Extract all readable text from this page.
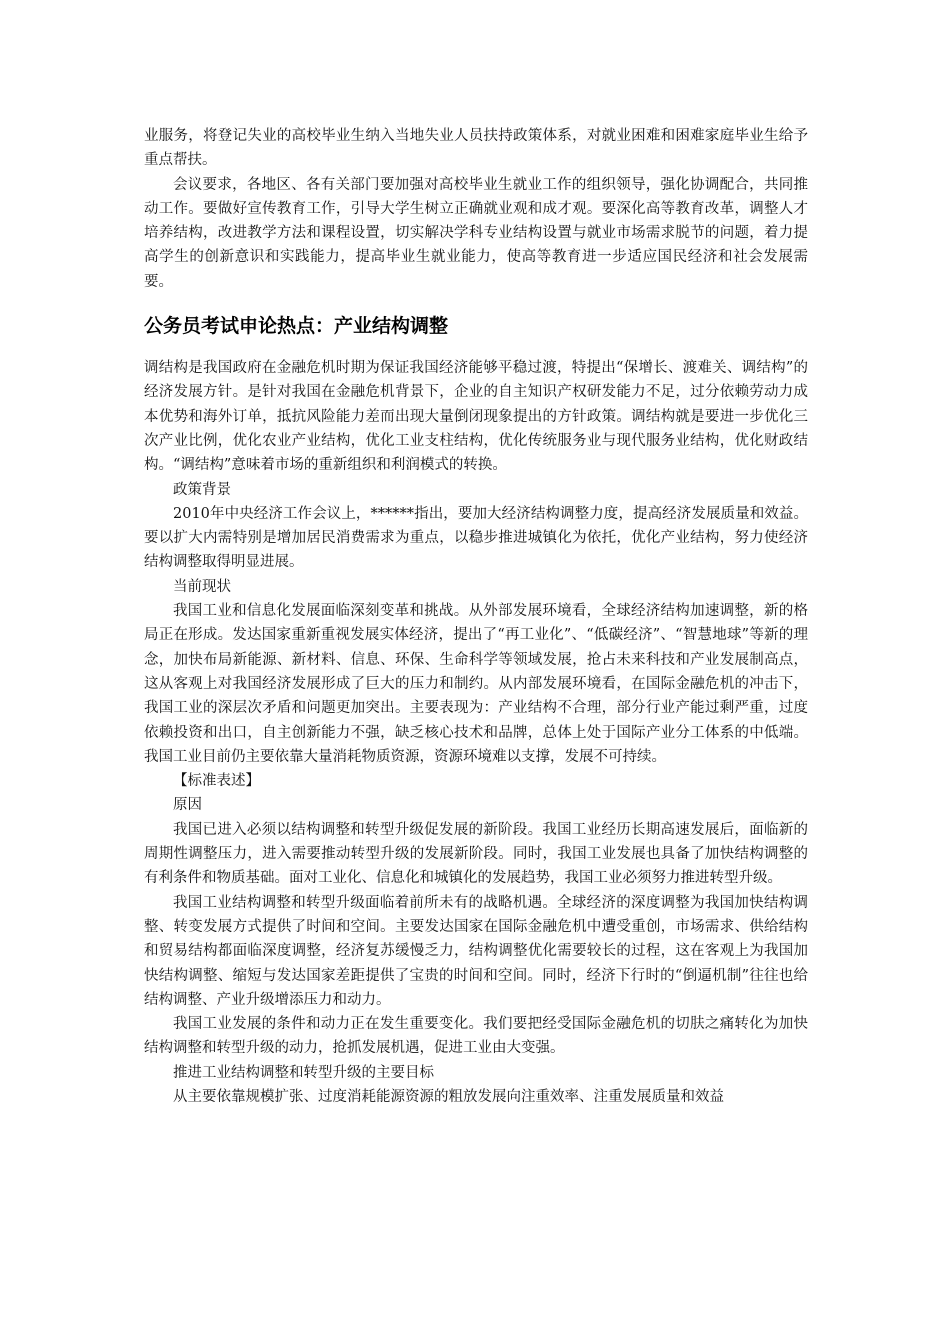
业服务，将登记失业的高校毕业生纳入当地失业人员扶持政策体系，对就业困难和困难家庭毕业生给予重点帮扶。

会议要求，各地区、各有关部门要加强对高校毕业生就业工作的组织领导，强化协调配合，共同推动工作。要做好宣传教育工作，引导大学生树立正确就业观和成才观。要深化高等教育改革，调整人才培养结构，改进教学方法和课程设置，切实解决学科专业结构设置与就业市场需求脱节的问题，着力提高学生的创新意识和实践能力，提高毕业生就业能力，使高等教育进一步适应国民经济和社会发展需要。

公务员考试申论热点：产业结构调整

调结构是我国政府在金融危机时期为保证我国经济能够平稳过渡，特提出“保增长、渡难关、调结构”的经济发展方针。是针对我国在金融危机背景下，企业的自主知识产权研发能力不足，过分依赖劳动力成本优势和海外订单，抵抗风险能力差而出现大量倒闭现象提出的方针政策。调结构就是要进一步优化三次产业比例，优化农业产业结构，优化工业支柱结构，优化传统服务业与现代服务业结构，优化财政结构。“调结构”意味着市场的重新组织和利润模式的转换。

政策背景

2010年中央经济工作会议上，******指出，要加大经济结构调整力度，提高经济发展质量和效益。要以扩大内需特别是增加居民消费需求为重点，以稳步推进城镇化为依托，优化产业结构，努力使经济结构调整取得明显进展。

当前现状

我国工业和信息化发展面临深刻变革和挑战。从外部发展环境看，全球经济结构加速调整，新的格局正在形成。发达国家重新重视发展实体经济，提出了“再工业化”、“低碳经济”、“智慧地球”等新的理念，加快布局新能源、新材料、信息、环保、生命科学等领域发展，抢占未来科技和产业发展制高点，这从客观上对我国经济发展形成了巨大的压力和制约。从内部发展环境看，在国际金融危机的冲击下，我国工业的深层次矛盾和问题更加突出。主要表现为：产业结构不合理，部分行业产能过剩严重，过度依赖投资和出口，自主创新能力不强，缺乏核心技术和品牌，总体上处于国际产业分工体系的中低端。我国工业目前仍主要依靠大量消耗物质资源，资源环境难以支撑，发展不可持续。

【标准表述】

原因

我国已进入必须以结构调整和转型升级促发展的新阶段。我国工业经历长期高速发展后，面临新的周期性调整压力，进入需要推动转型升级的发展新阶段。同时，我国工业发展也具备了加快结构调整的有利条件和物质基础。面对工业化、信息化和城镇化的发展趋势，我国工业必须努力推进转型升级。

我国工业结构调整和转型升级面临着前所未有的战略机遇。全球经济的深度调整为我国加快结构调整、转变发展方式提供了时间和空间。主要发达国家在国际金融危机中遭受重创，市场需求、供给结构和贸易结构都面临深度调整，经济复苏缓慢乏力，结构调整优化需要较长的过程，这在客观上为我国加快结构调整、缩短与发达国家差距提供了宝贵的时间和空间。同时，经济下行时的“倒逼机制”往往也给结构调整、产业升级增添压力和动力。

我国工业发展的条件和动力正在发生重要变化。我们要把经受国际金融危机的切肤之痛转化为加快结构调整和转型升级的动力，抢抓发展机遇，促进工业由大变强。

推进工业结构调整和转型升级的主要目标

从主要依靠规模扩张、过度消耗能源资源的粗放发展向注重效率、注重发展质量和效益
